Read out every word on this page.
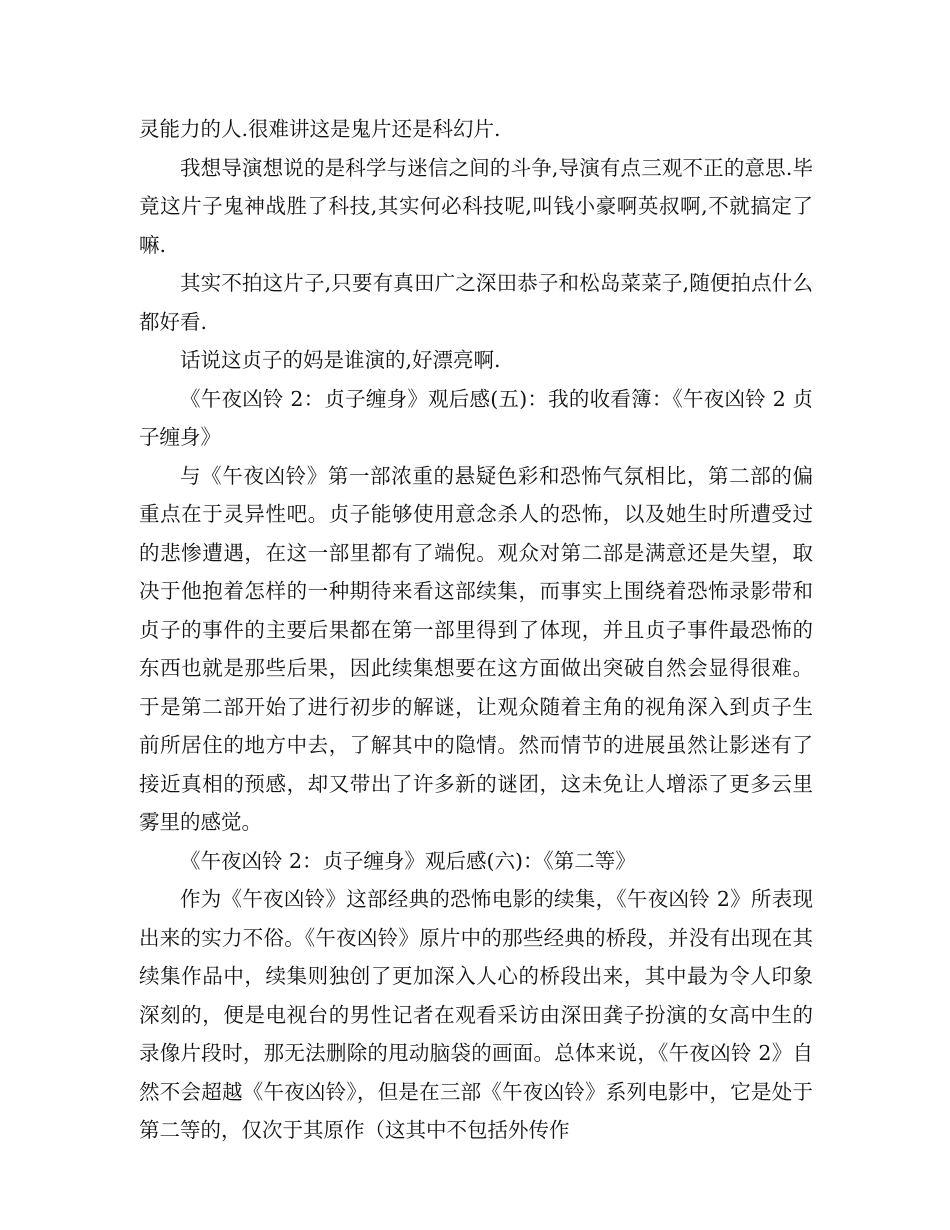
灵能力的人.很难讲这是鬼片还是科幻片.

我想导演想说的是科学与迷信之间的斗争,导演有点三观不正的意思.毕竟这片子鬼神战胜了科技,其实何必科技呢,叫钱小豪啊英叔啊,不就搞定了嘛.

其实不拍这片子,只要有真田广之深田恭子和松岛菜菜子,随便拍点什么都好看.

话说这贞子的妈是谁演的,好漂亮啊.

《午夜凶铃 2：贞子缠身》观后感(五)：我的收看簿：《午夜凶铃 2 贞子缠身》

与《午夜凶铃》第一部浓重的悬疑色彩和恐怖气氛相比，第二部的偏重点在于灵异性吧。贞子能够使用意念杀人的恐怖，以及她生时所遭受过的悲惨遭遇，在这一部里都有了端倪。观众对第二部是满意还是失望，取决于他抱着怎样的一种期待来看这部续集，而事实上围绕着恐怖录影带和贞子的事件的主要后果都在第一部里得到了体现，并且贞子事件最恐怖的东西也就是那些后果，因此续集想要在这方面做出突破自然会显得很难。于是第二部开始了进行初步的解谜，让观众随着主角的视角深入到贞子生前所居住的地方中去，了解其中的隐情。然而情节的进展虽然让影迷有了接近真相的预感，却又带出了许多新的谜团，这未免让人增添了更多云里雾里的感觉。

《午夜凶铃 2：贞子缠身》观后感(六)：《第二等》

作为《午夜凶铃》这部经典的恐怖电影的续集，《午夜凶铃 2》所表现出来的实力不俗。《午夜凶铃》原片中的那些经典的桥段，并没有出现在其续集作品中，续集则独创了更加深入人心的桥段出来，其中最为令人印象深刻的，便是电视台的男性记者在观看采访由深田龚子扮演的女高中生的录像片段时，那无法删除的甩动脑袋的画面。总体来说，《午夜凶铃 2》自然不会超越《午夜凶铃》，但是在三部《午夜凶铃》系列电影中，它是处于第二等的，仅次于其原作（这其中不包括外传作
